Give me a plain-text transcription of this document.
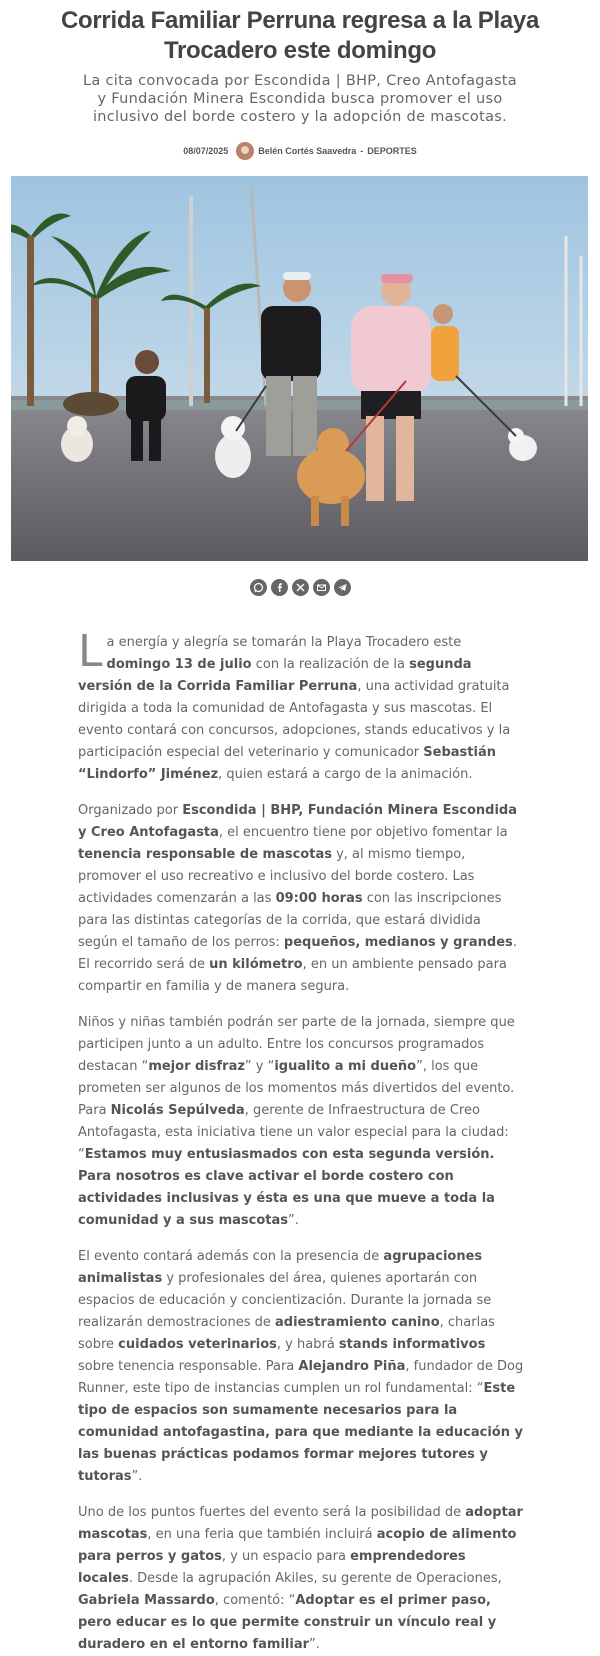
Corrida Familiar Perruna regresa a la Playa Trocadero este domingo
La cita convocada por Escondida | BHP, Creo Antofagasta y Fundación Minera Escondida busca promover el uso inclusivo del borde costero y la adopción de mascotas.
08/07/2025	Belén Cortés Saavedra - DEPORTES

La energía y alegría se tomarán la Playa Trocadero este domingo 13 de julio con la realización de la segunda versión de la Corrida Familiar Perruna, una actividad gratuita dirigida a toda la comunidad de Antofagasta y sus mascotas. El evento contará con concursos, adopciones, stands educativos y la participación especial del veterinario y comunicador Sebastián “Lindorfo” Jiménez, quien estará a cargo de la animación.

Organizado por Escondida | BHP, Fundación Minera Escondida y Creo Antofagasta, el encuentro tiene por objetivo fomentar la tenencia responsable de mascotas y, al mismo tiempo, promover el uso recreativo e inclusivo del borde costero. Las actividades comenzarán a las 09:00 horas con las inscripciones para las distintas categorías de la corrida, que estará dividida según el tamaño de los perros: pequeños, medianos y grandes. El recorrido será de un kilómetro, en un ambiente pensado para compartir en familia y de manera segura.

Niños y niñas también podrán ser parte de la jornada, siempre que participen junto a un adulto. Entre los concursos programados destacan “mejor disfraz” y “igualito a mi dueño”, los que prometen ser algunos de los momentos más divertidos del evento. Para Nicolás Sepúlveda, gerente de Infraestructura de Creo Antofagasta, esta iniciativa tiene un valor especial para la ciudad: “Estamos muy entusiasmados con esta segunda versión. Para nosotros es clave activar el borde costero con actividades inclusivas y ésta es una que mueve a toda la comunidad y a sus mascotas”.

El evento contará además con la presencia de agrupaciones animalistas y profesionales del área, quienes aportarán con espacios de educación y concientización. Durante la jornada se realizarán demostraciones de adiestramiento canino, charlas sobre cuidados veterinarios, y habrá stands informativos sobre tenencia responsable. Para Alejandro Piña, fundador de Dog Runner, este tipo de instancias cumplen un rol fundamental: “Este tipo de espacios son sumamente necesarios para la comunidad antofagastina, para que mediante la educación y las buenas prácticas podamos formar mejores tutores y tutoras”.

Uno de los puntos fuertes del evento será la posibilidad de adoptar mascotas, en una feria que también incluirá acopio de alimento para perros y gatos, y un espacio para emprendedores locales. Desde la agrupación Akiles, su gerente de Operaciones, Gabriela Massardo, comentó: “Adoptar es el primer paso, pero educar es lo que permite construir un vínculo real y duradero en el entorno familiar”.
